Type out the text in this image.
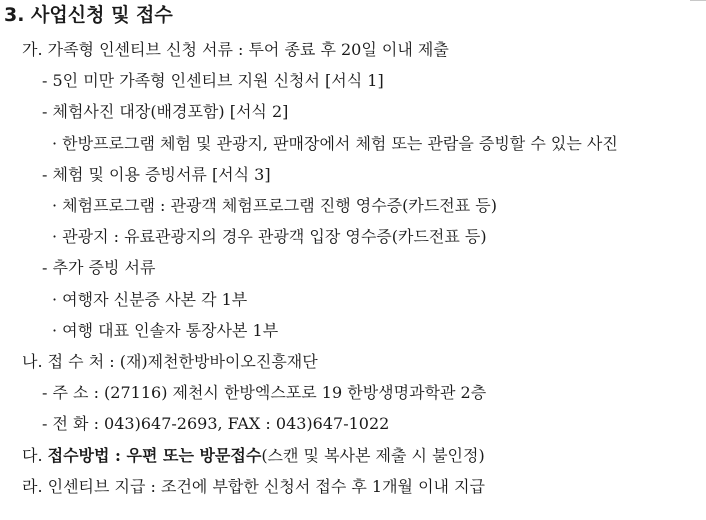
3. 사업신청 및 접수
가. 가족형 인센티브 신청 서류 : 투어 종료 후 20일 이내 제출
- 5인 미만 가족형 인센티브 지원 신청서 [서식 1]
- 체험사진 대장(배경포함) [서식 2]
· 한방프로그램 체험 및 관광지, 판매장에서 체험 또는 관람을 증빙할 수 있는 사진
- 체험 및 이용 증빙서류 [서식 3]
· 체험프로그램 : 관광객 체험프로그램 진행 영수증(카드전표 등)
· 관광지 : 유료관광지의 경우 관광객 입장 영수증(카드전표 등)
- 추가 증빙 서류
· 여행자 신분증 사본 각 1부
· 여행 대표 인솔자 통장사본 1부
나. 접 수 처 : (재)제천한방바이오진흥재단
- 주 소 : (27116) 제천시 한방엑스포로 19 한방생명과학관 2층
- 전 화 : 043)647-2693, FAX : 043)647-1022
다. 접수방법 : 우편 또는 방문접수(스캔 및 복사본 제출 시 불인정)
라. 인센티브 지급 : 조건에 부합한 신청서 접수 후 1개월 이내 지급
